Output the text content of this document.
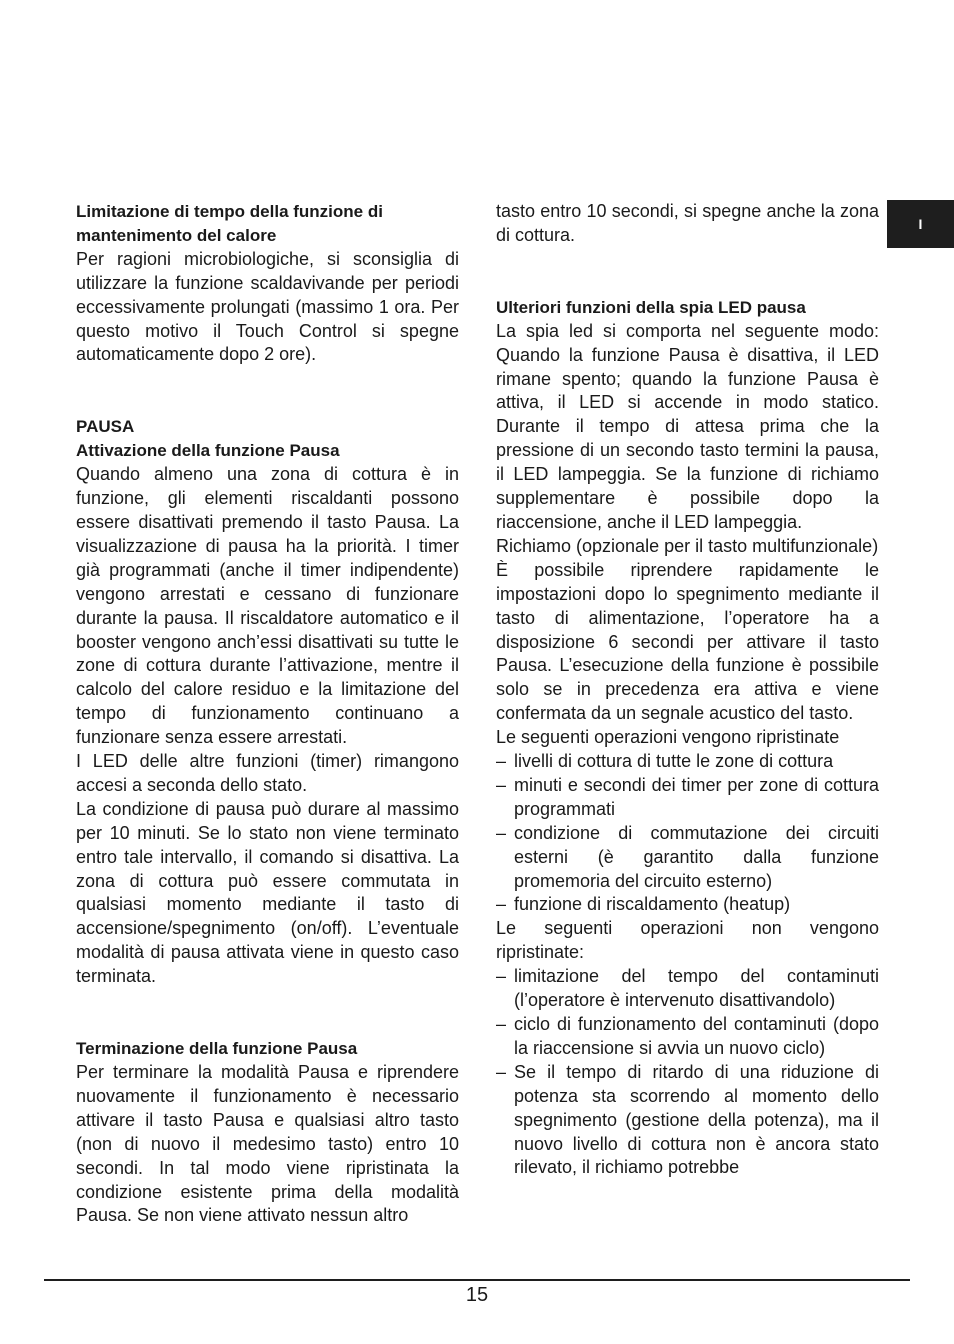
I

Limitazione di tempo della funzione di mantenimento del calore

Per ragioni microbiologiche, si sconsiglia di utilizzare la funzione scaldavivande per periodi eccessivamente prolungati (massimo 1 ora. Per questo motivo il Touch Control si spegne automaticamente dopo 2 ore).

PAUSA

Attivazione della funzione Pausa

Quando almeno una zona di cottura è in funzione, gli elementi riscaldanti possono essere disattivati premendo il tasto Pausa. La visualizzazione di pausa ha la priorità. I timer già programmati (anche il timer indipendente) vengono arrestati e cessano di funzionare durante la pausa. Il riscaldatore automatico e il booster vengono anch’essi disattivati su tutte le zone di cottura durante l’attivazione, mentre il calcolo del calore residuo e la limitazione del tempo di funzionamento continuano a funzionare senza essere arrestati.

I LED delle altre funzioni (timer) rimangono accesi a seconda dello stato.

La condizione di pausa può durare al massimo per 10 minuti. Se lo stato non viene terminato entro tale intervallo, il comando si disattiva. La zona di cottura può essere commutata in qualsiasi momento mediante il tasto di accensione/spegnimento (on/off). L’eventuale modalità di pausa attivata viene in questo caso terminata.

Terminazione della funzione Pausa

Per terminare la modalità Pausa e riprendere nuovamente il funzionamento è necessario attivare il tasto Pausa e qualsiasi altro tasto (non di nuovo il medesimo tasto) entro 10 secondi. In tal modo viene ripristinata la condizione esistente prima della modalità Pausa. Se non viene attivato nessun altro

tasto entro 10 secondi, si spegne anche la zona di cottura.

Ulteriori funzioni della spia LED pausa

La spia led si comporta nel seguente modo: Quando la funzione Pausa è disattiva, il LED rimane spento; quando la funzione Pausa è attiva, il LED si accende in modo statico. Durante il tempo di attesa prima che la pressione di un secondo tasto termini la pausa, il LED lampeggia. Se la funzione di richiamo supplementare è possibile dopo la riaccensione, anche il LED lampeggia.

Richiamo (opzionale per il tasto multifunzionale)

È possibile riprendere rapidamente le impostazioni dopo lo spegnimento mediante il tasto di alimentazione, l’operatore ha a disposizione 6 secondi per attivare il tasto Pausa. L’esecuzione della funzione è possibile solo se in precedenza era attiva e viene confermata da un segnale acustico del tasto.

Le seguenti operazioni vengono ripristinate

– livelli di cottura di tutte le zone di cottura

– minuti e secondi dei timer per zone di cottura programmati

– condizione di commutazione dei circuiti esterni (è garantito dalla funzione promemoria del circuito esterno)

– funzione di riscaldamento (heatup)

Le seguenti operazioni non vengono ripristinate:

– limitazione del tempo del contaminuti (l’operatore è intervenuto disattivandolo)

– ciclo di funzionamento del contaminuti (dopo la riaccensione si avvia un nuovo ciclo)

– Se il tempo di ritardo di una riduzione di potenza sta scorrendo al momento dello spegnimento (gestione della potenza), ma il nuovo livello di cottura non è ancora stato rilevato, il richiamo potrebbe

15
